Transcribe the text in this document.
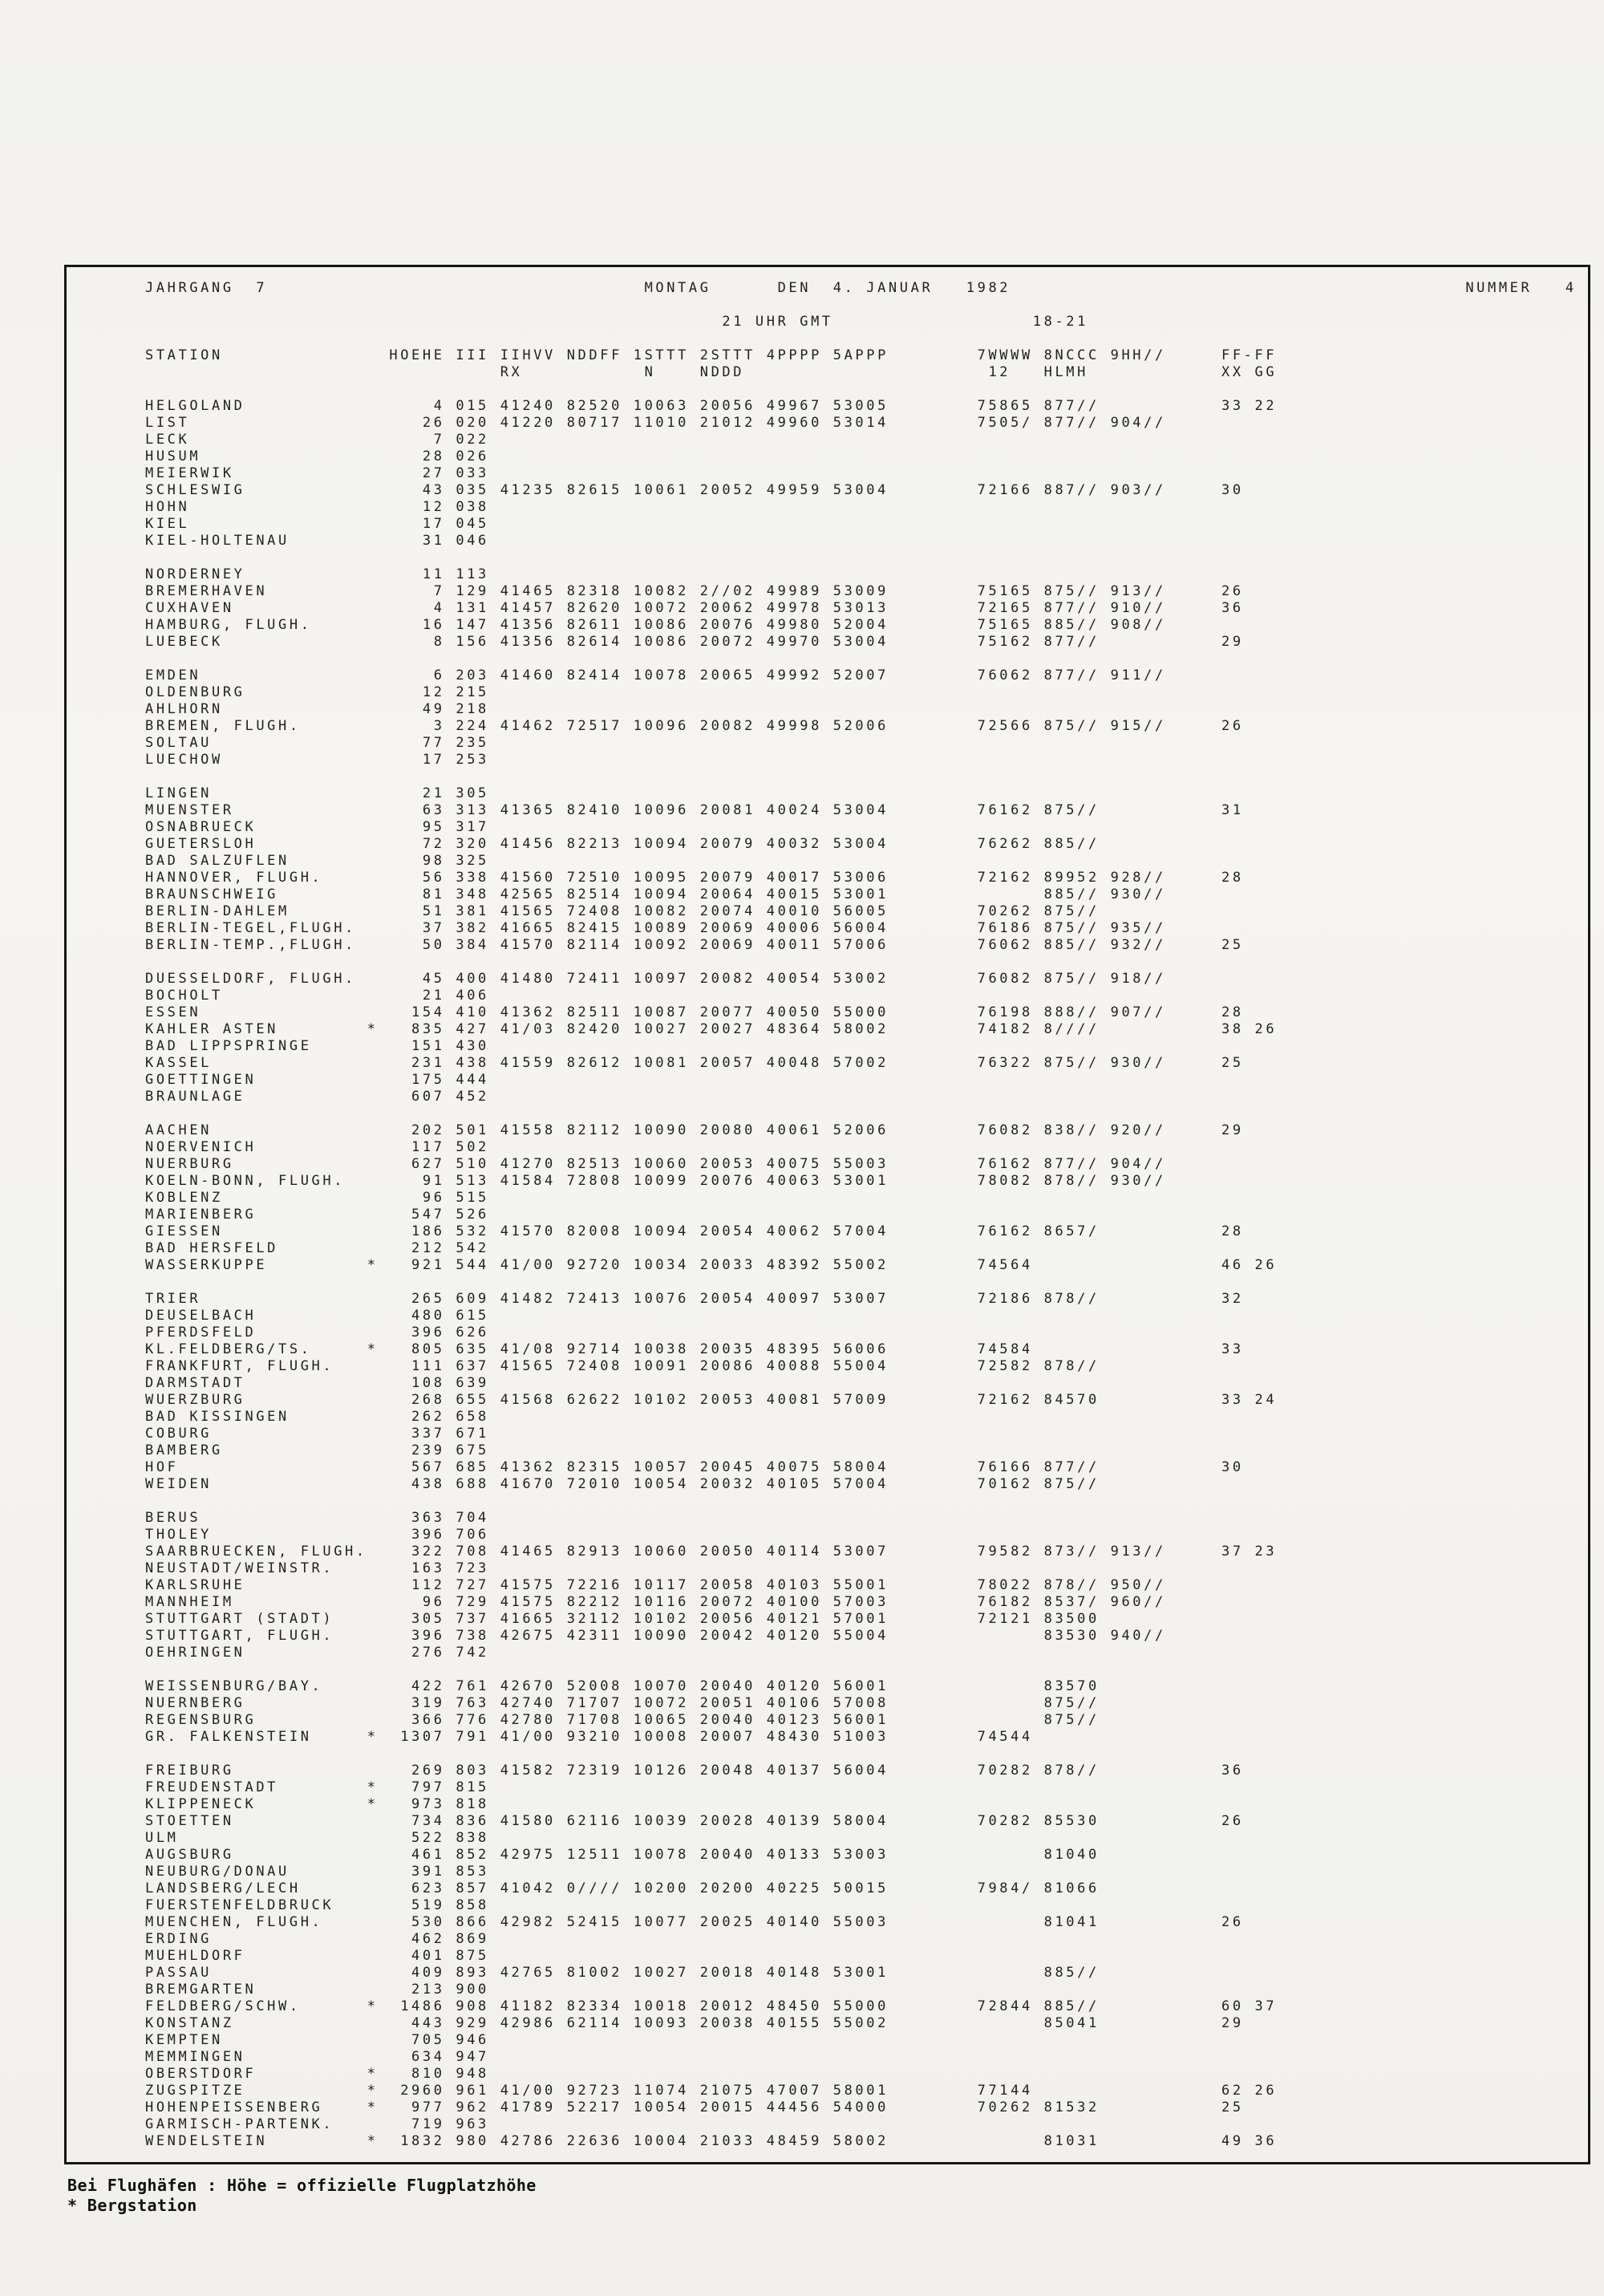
JAHRGANG  7                                  MONTAG      DEN  4. JANUAR   1982                                         NUMMER   4
21 UHR GMT                  18-21
STATION               HOEHE III IIHVV NDDFF 1STTT 2STTT 4PPPP 5APPP        7WWWW 8NCCC 9HH//     FF-FF
RX           N    NDDD                      12   HLMH            XX GG
HELGOLAND                 4 015 41240 82520 10063 20056 49967 53005        75865 877//           33 22
LIST                     26 020 41220 80717 11010 21012 49960 53014        7505/ 877// 904//
LECK                      7 022
HUSUM                    28 026
MEIERWIK                 27 033
SCHLESWIG                43 035 41235 82615 10061 20052 49959 53004        72166 887// 903//     30
HOHN                     12 038
KIEL                     17 045
KIEL-HOLTENAU            31 046
NORDERNEY                11 113
BREMERHAVEN               7 129 41465 82318 10082 2//02 49989 53009        75165 875// 913//     26
CUXHAVEN                  4 131 41457 82620 10072 20062 49978 53013        72165 877// 910//     36
HAMBURG, FLUGH.          16 147 41356 82611 10086 20076 49980 52004        75165 885// 908//
LUEBECK                   8 156 41356 82614 10086 20072 49970 53004        75162 877//           29
EMDEN                     6 203 41460 82414 10078 20065 49992 52007        76062 877// 911//
OLDENBURG                12 215
AHLHORN                  49 218
BREMEN, FLUGH.            3 224 41462 72517 10096 20082 49998 52006        72566 875// 915//     26
SOLTAU                   77 235
LUECHOW                  17 253
LINGEN                   21 305
MUENSTER                 63 313 41365 82410 10096 20081 40024 53004        76162 875//           31
OSNABRUECK               95 317
GUETERSLOH               72 320 41456 82213 10094 20079 40032 53004        76262 885//
BAD SALZUFLEN            98 325
HANNOVER, FLUGH.         56 338 41560 72510 10095 20079 40017 53006        72162 89952 928//     28
BRAUNSCHWEIG             81 348 42565 82514 10094 20064 40015 53001              885// 930//
BERLIN-DAHLEM            51 381 41565 72408 10082 20074 40010 56005        70262 875//
BERLIN-TEGEL,FLUGH.      37 382 41665 82415 10089 20069 40006 56004        76186 875// 935//
BERLIN-TEMP.,FLUGH.      50 384 41570 82114 10092 20069 40011 57006        76062 885// 932//     25
DUESSELDORF, FLUGH.      45 400 41480 72411 10097 20082 40054 53002        76082 875// 918//
BOCHOLT                  21 406
ESSEN                   154 410 41362 82511 10087 20077 40050 55000        76198 888// 907//     28
KAHLER ASTEN        *   835 427 41/03 82420 10027 20027 48364 58002        74182 8////           38 26
BAD LIPPSPRINGE         151 430
KASSEL                  231 438 41559 82612 10081 20057 40048 57002        76322 875// 930//     25
GOETTINGEN              175 444
BRAUNLAGE               607 452
AACHEN                  202 501 41558 82112 10090 20080 40061 52006        76082 838// 920//     29
NOERVENICH              117 502
NUERBURG                627 510 41270 82513 10060 20053 40075 55003        76162 877// 904//
KOELN-BONN, FLUGH.       91 513 41584 72808 10099 20076 40063 53001        78082 878// 930//
KOBLENZ                  96 515
MARIENBERG              547 526
GIESSEN                 186 532 41570 82008 10094 20054 40062 57004        76162 8657/           28
BAD HERSFELD            212 542
WASSERKUPPE         *   921 544 41/00 92720 10034 20033 48392 55002        74564                 46 26
TRIER                   265 609 41482 72413 10076 20054 40097 53007        72186 878//           32
DEUSELBACH              480 615
PFERDSFELD              396 626
KL.FELDBERG/TS.     *   805 635 41/08 92714 10038 20035 48395 56006        74584                 33
FRANKFURT, FLUGH.       111 637 41565 72408 10091 20086 40088 55004        72582 878//
DARMSTADT               108 639
WUERZBURG               268 655 41568 62622 10102 20053 40081 57009        72162 84570           33 24
BAD KISSINGEN           262 658
COBURG                  337 671
BAMBERG                 239 675
HOF                     567 685 41362 82315 10057 20045 40075 58004        76166 877//           30
WEIDEN                  438 688 41670 72010 10054 20032 40105 57004        70162 875//
BERUS                   363 704
THOLEY                  396 706
SAARBRUECKEN, FLUGH.    322 708 41465 82913 10060 20050 40114 53007        79582 873// 913//     37 23
NEUSTADT/WEINSTR.       163 723
KARLSRUHE               112 727 41575 72216 10117 20058 40103 55001        78022 878// 950//
MANNHEIM                 96 729 41575 82212 10116 20072 40100 57003        76182 8537/ 960//
STUTTGART (STADT)       305 737 41665 32112 10102 20056 40121 57001        72121 83500
STUTTGART, FLUGH.       396 738 42675 42311 10090 20042 40120 55004              83530 940//
OEHRINGEN               276 742
WEISSENBURG/BAY.        422 761 42670 52008 10070 20040 40120 56001              83570
NUERNBERG               319 763 42740 71707 10072 20051 40106 57008              875//
REGENSBURG              366 776 42780 71708 10065 20040 40123 56001              875//
GR. FALKENSTEIN     *  1307 791 41/00 93210 10008 20007 48430 51003        74544
FREIBURG                269 803 41582 72319 10126 20048 40137 56004        70282 878//           36
FREUDENSTADT        *   797 815
KLIPPENECK          *   973 818
STOETTEN                734 836 41580 62116 10039 20028 40139 58004        70282 85530           26
ULM                     522 838
AUGSBURG                461 852 42975 12511 10078 20040 40133 53003              81040
NEUBURG/DONAU           391 853
LANDSBERG/LECH          623 857 41042 0//// 10200 20200 40225 50015        7984/ 81066
FUERSTENFELDBRUCK       519 858
MUENCHEN, FLUGH.        530 866 42982 52415 10077 20025 40140 55003              81041           26
ERDING                  462 869
MUEHLDORF               401 875
PASSAU                  409 893 42765 81002 10027 20018 40148 53001              885//
BREMGARTEN              213 900
FELDBERG/SCHW.      *  1486 908 41182 82334 10018 20012 48450 55000        72844 885//           60 37
KONSTANZ                443 929 42986 62114 10093 20038 40155 55002              85041           29
KEMPTEN                 705 946
MEMMINGEN               634 947
OBERSTDORF          *   810 948
ZUGSPITZE           *  2960 961 41/00 92723 11074 21075 47007 58001        77144                 62 26
HOHENPEISSENBERG    *   977 962 41789 52217 10054 20015 44456 54000        70262 81532           25
GARMISCH-PARTENK.       719 963
WENDELSTEIN         *  1832 980 42786 22636 10004 21033 48459 58002              81031           49 36
Bei Flughäfen : Höhe = offizielle Flugplatzhöhe
* Bergstation
